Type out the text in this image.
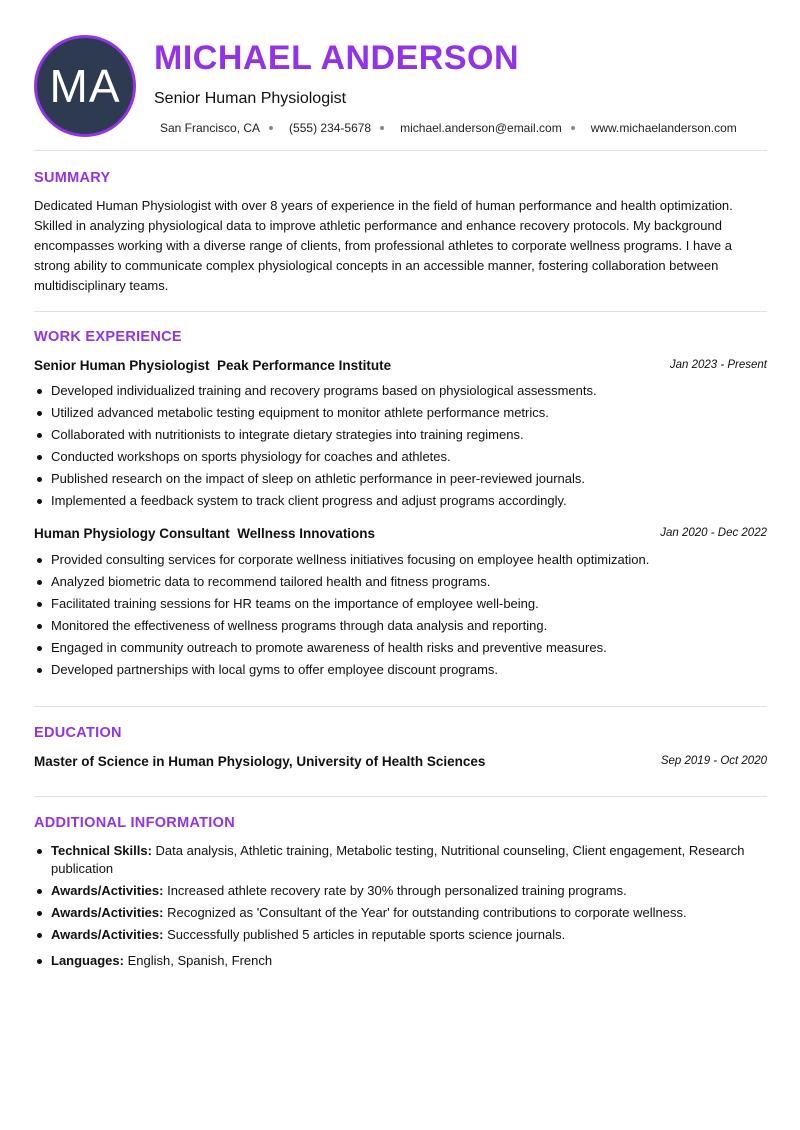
MA
MICHAEL ANDERSON
Senior Human Physiologist
San Francisco, CA (555) 234-5678 michael.anderson@email.com www.michaelanderson.com
SUMMARY

Dedicated Human Physiologist with over 8 years of experience in the field of human performance and health optimization. Skilled in analyzing physiological data to improve athletic performance and enhance recovery protocols. My background encompasses working with a diverse range of clients, from professional athletes to corporate wellness programs. I have a strong ability to communicate complex physiological concepts in an accessible manner, fostering collaboration between multidisciplinary teams.

WORK EXPERIENCE
Senior Human Physiologist Peak Performance Institute	Jan 2023 - Present
Developed individualized training and recovery programs based on physiological assessments.
Utilized advanced metabolic testing equipment to monitor athlete performance metrics.
Collaborated with nutritionists to integrate dietary strategies into training regimens.
Conducted workshops on sports physiology for coaches and athletes.
Published research on the impact of sleep on athletic performance in peer-reviewed journals.
Implemented a feedback system to track client progress and adjust programs accordingly.
Human Physiology Consultant Wellness Innovations	Jan 2020 - Dec 2022
Provided consulting services for corporate wellness initiatives focusing on employee health optimization.
Analyzed biometric data to recommend tailored health and fitness programs.
Facilitated training sessions for HR teams on the importance of employee well-being.
Monitored the effectiveness of wellness programs through data analysis and reporting.
Engaged in community outreach to promote awareness of health risks and preventive measures.
Developed partnerships with local gyms to offer employee discount programs.
EDUCATION
Master of Science in Human Physiology, University of Health Sciences	Sep 2019 - Oct 2020
ADDITIONAL INFORMATION
Technical Skills: Data analysis, Athletic training, Metabolic testing, Nutritional counseling, Client engagement, Research publication
Awards/Activities: Increased athlete recovery rate by 30% through personalized training programs.
Awards/Activities: Recognized as 'Consultant of the Year' for outstanding contributions to corporate wellness.
Awards/Activities: Successfully published 5 articles in reputable sports science journals.
Languages: English, Spanish, French
